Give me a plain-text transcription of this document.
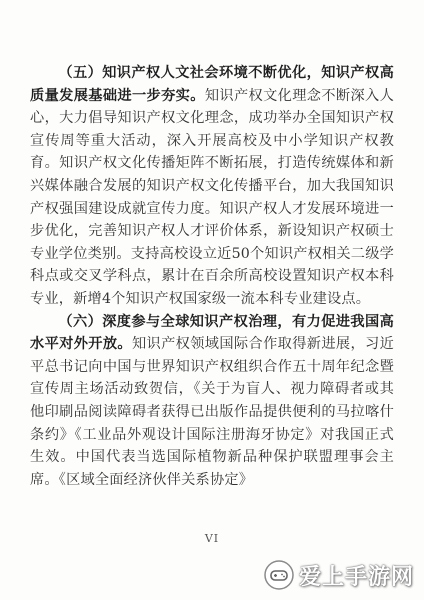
（五）知识产权人文社会环境不断优化，知识产权高质量发展基础进一步夯实。知识产权文化理念不断深入人心，大力倡导知识产权文化理念，成功举办全国知识产权宣传周等重大活动，深入开展高校及中小学知识产权教育。知识产权文化传播矩阵不断拓展，打造传统媒体和新兴媒体融合发展的知识产权文化传播平台，加大我国知识产权强国建设成就宣传力度。知识产权人才发展环境进一步优化，完善知识产权人才评价体系，新设知识产权硕士专业学位类别。支持高校设立近50个知识产权相关二级学科点或交叉学科点，累计在百余所高校设置知识产权本科专业，新增4个知识产权国家级一流本科专业建设点。

（六）深度参与全球知识产权治理，有力促进我国高水平对外开放。知识产权领域国际合作取得新进展，习近平总书记向中国与世界知识产权组织合作五十周年纪念暨宣传周主场活动致贺信，《关于为盲人、视力障碍者或其他印刷品阅读障碍者获得已出版作品提供便利的马拉喀什条约》《工业品外观设计国际注册海牙协定》对我国正式生效。中国代表当选国际植物新品种保护联盟理事会主席。《区域全面经济伙伴关系协定》

VI
爱上手游网
